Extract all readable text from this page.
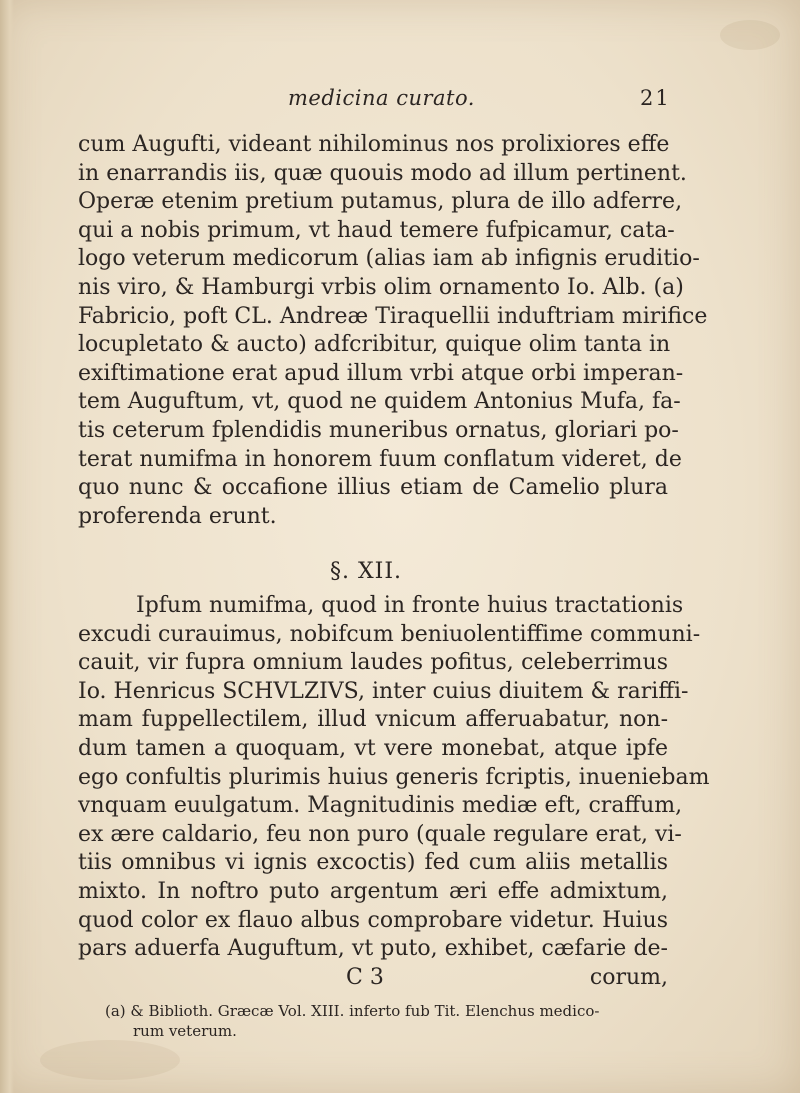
medicina curato.	21
cum Augufti, videant nihilominus nos prolixiores effe
in enarrandis iis, quæ quouis modo ad illum pertinent.
Operæ etenim pretium putamus, plura de illo adferre,
qui a nobis primum, vt haud temere fufpicamur, cata-
logo veterum medicorum (alias iam ab infignis eruditio-
nis viro, & Hamburgi vrbis olim ornamento Io. Alb. (a)
Fabricio, poft CL. Andreæ Tiraquellii induftriam mirifice
locupletato & aucto) adfcribitur, quique olim tanta in
exiftimatione erat apud illum vrbi atque orbi imperan-
tem Auguftum, vt, quod ne quidem Antonius Mufa, fa-
tis ceterum fplendidis muneribus ornatus, gloriari po-
terat numifma in honorem fuum conflatum videret, de
quo nunc & occafione illius etiam de Camelio plura
proferenda erunt.
§. XII.
Ipfum numifma, quod in fronte huius tractationis
excudi curauimus, nobifcum beniuolentiffime communi-
cauit, vir fupra omnium laudes pofitus, celeberrimus
Io. Henricus SCHVLZIVS, inter cuius diuitem & rariffi-
mam fuppellectilem, illud vnicum afferuabatur, non-
dum tamen a quoquam, vt vere monebat, atque ipfe
ego confultis plurimis huius generis fcriptis, inueniebam
vnquam euulgatum. Magnitudinis mediæ eft, craffum,
ex ære caldario, feu non puro (quale regulare erat, vi-
tiis omnibus vi ignis excoctis) fed cum aliis metallis
mixto. In noftro puto argentum æri effe admixtum,
quod color ex flauo albus comprobare videtur. Huius
pars aduerfa Auguftum, vt puto, exhibet, cæfarie de-
C 3	corum,
(a) & Biblioth. Græcæ Vol. XIII. inferto fub Tit. Elenchus medico-
rum veterum.
